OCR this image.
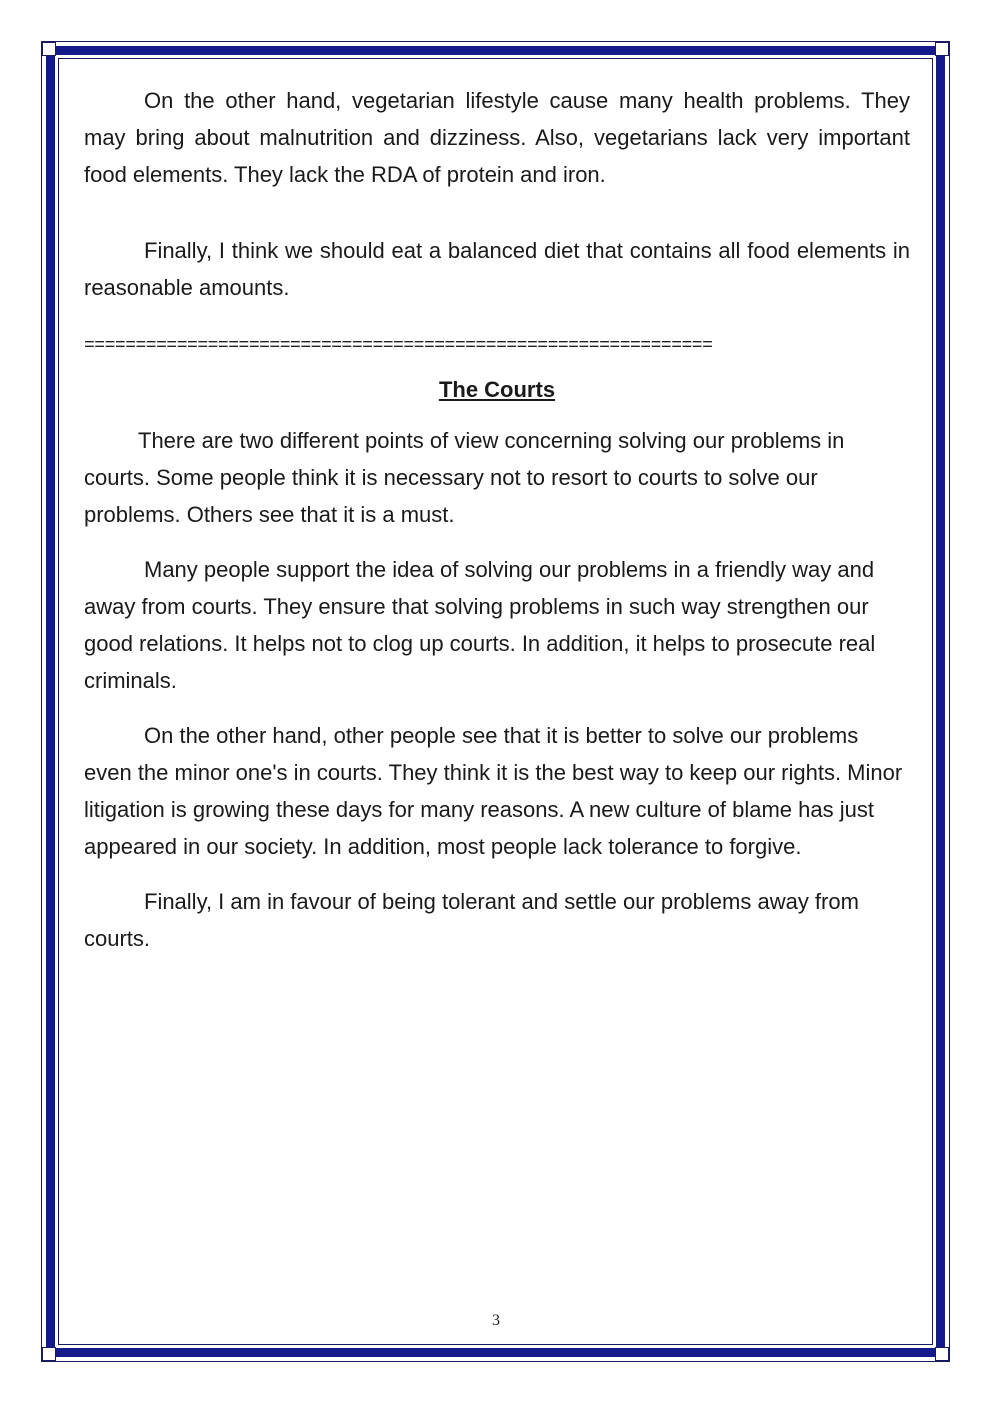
On the other hand, vegetarian lifestyle cause many health problems. They may bring about malnutrition and dizziness. Also, vegetarians lack very important food elements. They lack the RDA of protein and iron.

Finally, I think we should eat a balanced diet that contains all food elements in reasonable amounts.

=============================================================
The Courts

There are two different points of view concerning solving our problems in courts. Some people think it is necessary not to resort to courts to solve our problems. Others see that it is a must.

Many people support the idea of solving our problems in a friendly way and away from courts. They ensure that solving problems in such way strengthen our good relations. It helps not to clog up courts. In addition, it helps to prosecute real criminals.

On the other hand, other people see that it is better to solve our problems even the minor one's in courts. They think it is the best way to keep our rights. Minor litigation is growing these days for many reasons. A new culture of blame has just appeared in our society. In addition, most people lack tolerance to forgive.

Finally, I am in favour of being tolerant and settle our problems away from courts.

3
